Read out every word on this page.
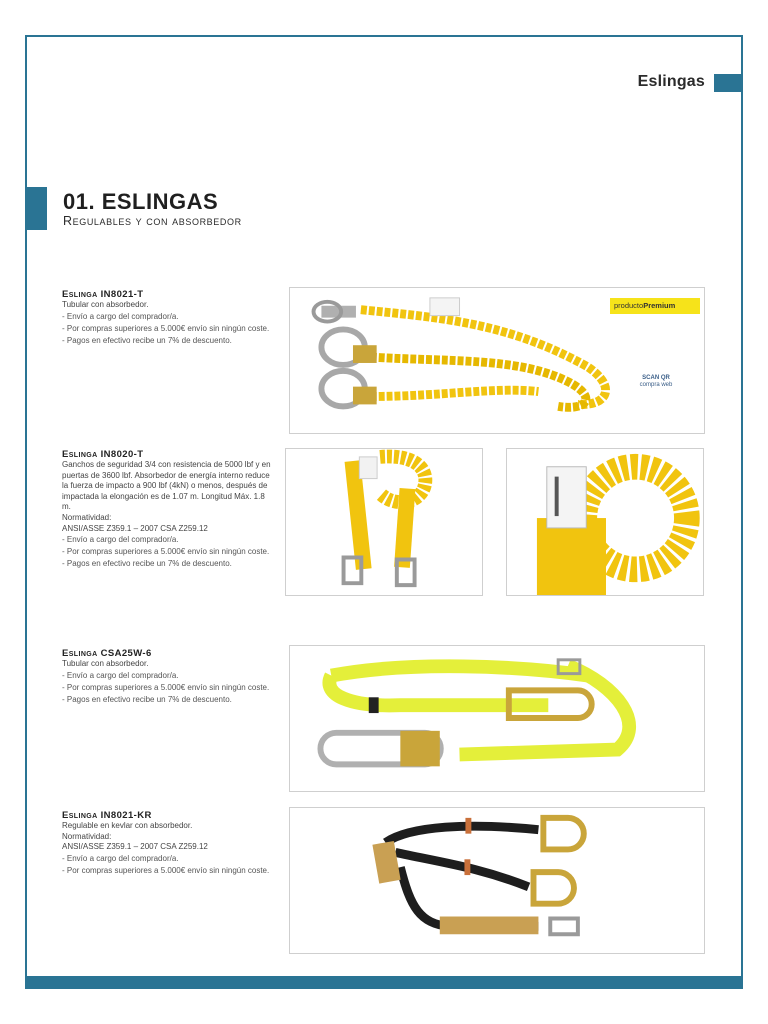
Eslingas
01. ESLINGAS
Regulables y con absorbedor
Eslinga IN8021-T
Tubular con absorbedor.
- Envío a cargo del comprador/a.
- Por compras superiores a 5.000€ envío sin ningún coste.
- Pagos en efectivo recibe un 7% de descuento.
productoPremium
SCAN QR
compra web
Eslinga IN8020-T
Ganchos de seguridad 3/4 con resistencia de 5000 lbf y en puertas de 3600 lbf. Absorbedor de energía interno reduce la fuerza de impacto a 900 lbf (4kN) o menos, después de impactada la elongación es de 1.07 m. Longitud Máx. 1.8 m.
Normatividad:
ANSI/ASSE Z359.1 – 2007 CSA Z259.12
- Envío a cargo del comprador/a.
- Por compras superiores a 5.000€ envío sin ningún coste.
- Pagos en efectivo recibe un 7% de descuento.
Eslinga CSA25W-6
Tubular con absorbedor.
- Envío a cargo del comprador/a.
- Por compras superiores a 5.000€ envío sin ningún coste.
- Pagos en efectivo recibe un 7% de descuento.
Eslinga IN8021-KR
Regulable en kevlar con absorbedor.
Normatividad:
ANSI/ASSE Z359.1 – 2007 CSA Z259.12
- Envío a cargo del comprador/a.
- Por compras superiores a 5.000€ envío sin ningún coste.
